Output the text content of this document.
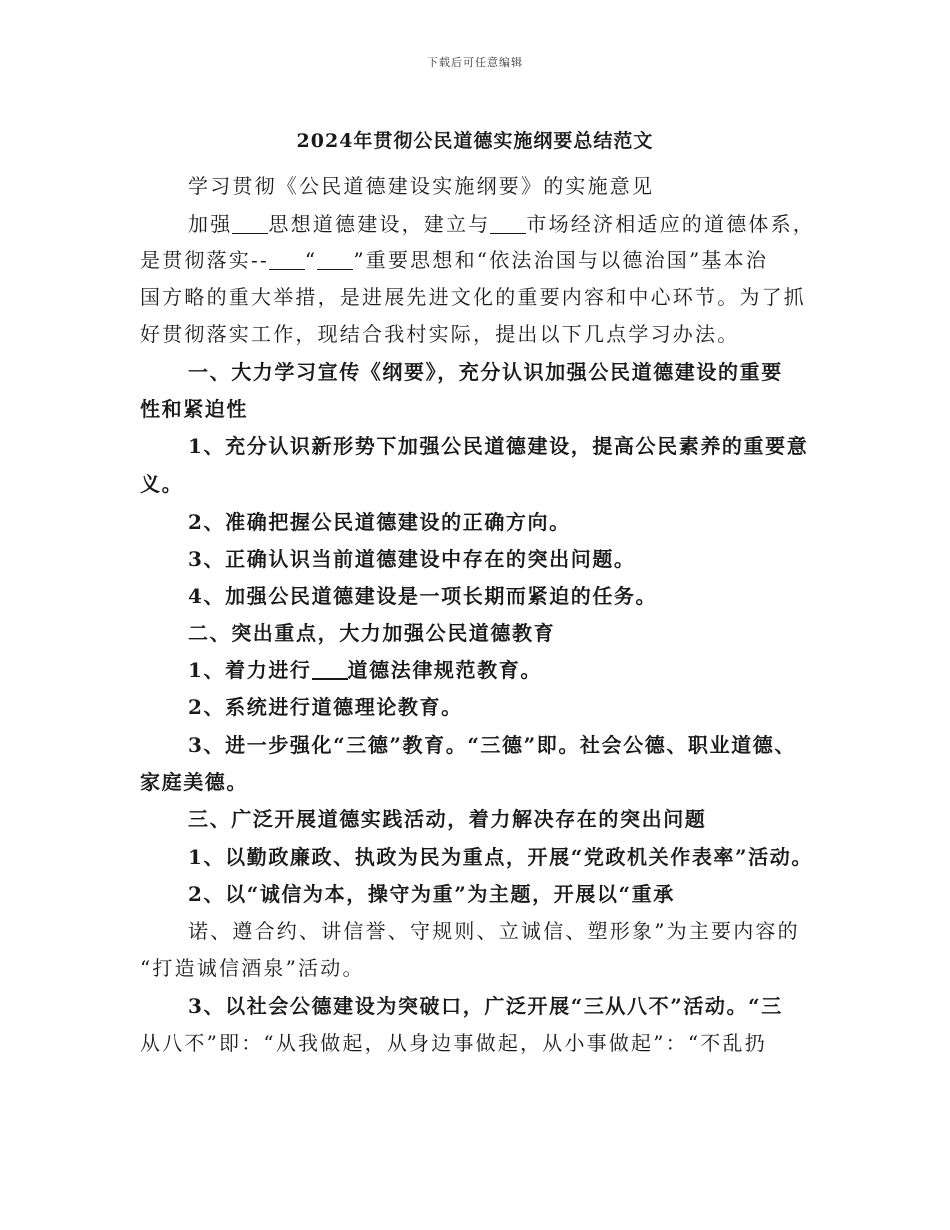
下载后可任意编辑
2024年贯彻公民道德实施纲要总结范文
学习贯彻《公民道德建设实施纲要》的实施意见
加强 思想道德建设，建立与 市场经济相适应的道德体系，
是贯彻落实-- “ ”重要思想和“依法治国与以德治国”基本治
国方略的重大举措，是进展先进文化的重要内容和中心环节。为了抓
好贯彻落实工作，现结合我村实际，提出以下几点学习办法。
一、大力学习宣传《纲要》，充分认识加强公民道德建设的重要
性和紧迫性
1、充分认识新形势下加强公民道德建设，提高公民素养的重要意
义。
2、准确把握公民道德建设的正确方向。
3、正确认识当前道德建设中存在的突出问题。
4、加强公民道德建设是一项长期而紧迫的任务。
二、突出重点，大力加强公民道德教育
1、着力进行 道德法律规范教育。
2、系统进行道德理论教育。
3、进一步强化“三德”教育。“三德”即。社会公德、职业道德、
家庭美德。
三、广泛开展道德实践活动，着力解决存在的突出问题
1、以勤政廉政、执政为民为重点，开展“党政机关作表率”活动。
2、以“诚信为本，操守为重”为主题，开展以“重承
诺、遵合约、讲信誉、守规则、立诚信、塑形象”为主要内容的
“打造诚信酒泉”活动。
3、以社会公德建设为突破口，广泛开展“三从八不”活动。“三
从八不”即：“从我做起，从身边事做起，从小事做起”：“不乱扔
